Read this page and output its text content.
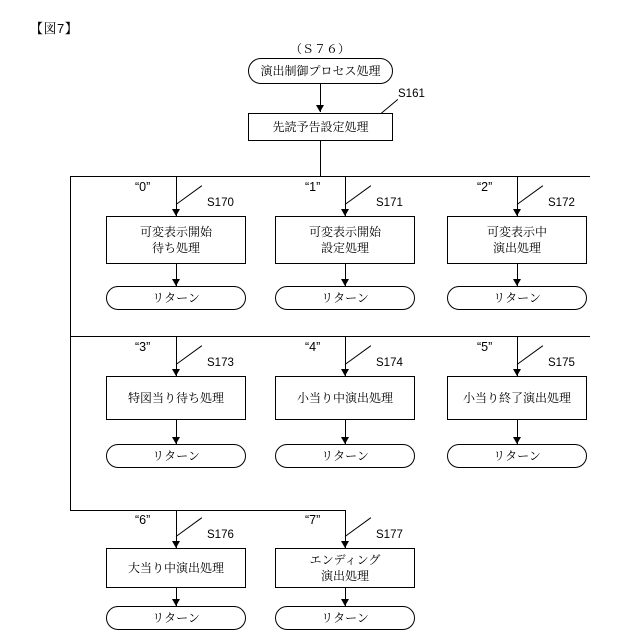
【図7】
（Ｓ７６）
演出制御プロセス処理
先読予告設定処理
S161
“0”
S170
可変表示開始
待ち処理
リターン
“1”
S171
可変表示開始
設定処理
リターン
“2”
S172
可変表示中
演出処理
リターン
“3”
S173
特図当り待ち処理
リターン
“4”
S174
小当り中演出処理
リターン
“5”
S175
小当り終了演出処理
リターン
“6”
S176
大当り中演出処理
リターン
“7”
S177
エンディング
演出処理
リターン
